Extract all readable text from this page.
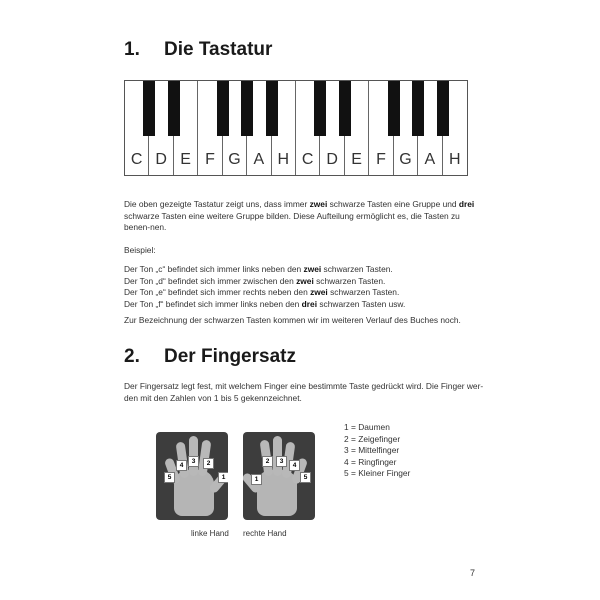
1. Die Tastatur
C D E F G A H C D E F G A H
Die oben gezeigte Tastatur zeigt uns, dass immer zwei schwarze Tasten eine Gruppe und drei schwarze Tasten eine weitere Gruppe bilden. Diese Aufteilung ermöglicht es, die Tasten zu benen-nen.
Beispiel:
Der Ton „c“ befindet sich immer links neben den zwei schwarzen Tasten.
Der Ton „d“ befindet sich immer zwischen den zwei schwarzen Tasten.
Der Ton „e“ befindet sich immer rechts neben den zwei schwarzen Tasten.
Der Ton „f“ befindet sich immer links neben den drei schwarzen Tasten usw.
Zur Bezeichnung der schwarzen Tasten kommen wir im weiteren Verlauf des Buches noch.
2. Der Fingersatz
Der Fingersatz legt fest, mit welchem Finger eine bestimmte Taste gedrückt wird. Die Finger wer-den mit den Zahlen von 1 bis 5 gekennzeichnet.
5
4
3	2
1
2	3
4
5
1
linke Hand rechte Hand
1 = Daumen
2 = Zeigefinger
3 = Mittelfinger
4 = Ringfinger
5 = Kleiner Finger
7
